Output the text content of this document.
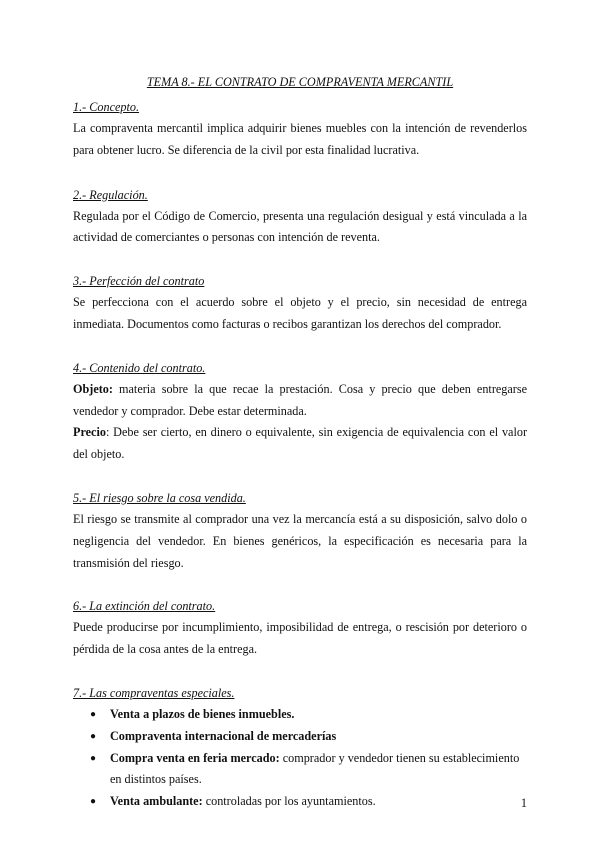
TEMA 8.- EL CONTRATO DE COMPRAVENTA MERCANTIL

1.- Concepto.

La compraventa mercantil implica adquirir bienes muebles con la intención de revenderlos para obtener lucro. Se diferencia de la civil por esta finalidad lucrativa.

2.- Regulación.

Regulada por el Código de Comercio, presenta una regulación desigual y está vinculada a la actividad de comerciantes o personas con intención de reventa.

3.- Perfección del contrato

Se perfecciona con el acuerdo sobre el objeto y el precio, sin necesidad de entrega inmediata. Documentos como facturas o recibos garantizan los derechos del comprador.

4.- Contenido del contrato.

Objeto: materia sobre la que recae la prestación. Cosa y precio que deben entregarse vendedor y comprador. Debe estar determinada.

Precio: Debe ser cierto, en dinero o equivalente, sin exigencia de equivalencia con el valor del objeto.

5.- El riesgo sobre la cosa vendida.

El riesgo se transmite al comprador una vez la mercancía está a su disposición, salvo dolo o negligencia del vendedor. En bienes genéricos, la especificación es necesaria para la transmisión del riesgo.

6.- La extinción del contrato.

Puede producirse por incumplimiento, imposibilidad de entrega, o rescisión por deterioro o pérdida de la cosa antes de la entrega.

7.- Las compraventas especiales.

● Venta a plazos de bienes inmuebles.
● Compraventa internacional de mercaderías
● Compra venta en feria mercado: comprador y vendedor tienen su establecimiento en distintos países.
● Venta ambulante: controladas por los ayuntamientos.	1
